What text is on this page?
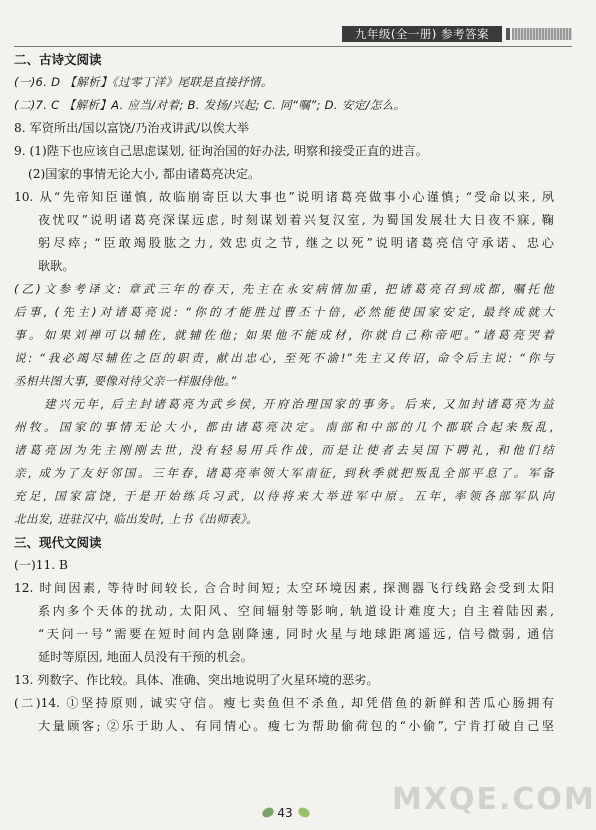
九年级(全一册) 参考答案
二、古诗文阅读
(一)6. D 【解析】《过零丁洋》尾联是直接抒情。
(二)7. C 【解析】A. 应当/对着; B. 发扬/兴起; C. 同“嘱”; D. 安定/怎么。
8. 军资所出/国以富饶/乃治戎讲武/以俟大举
9. (1)陛下也应该自己思虑谋划, 征询治国的好办法, 明察和接受正直的进言。
(2)国家的事情无论大小, 都由诸葛亮决定。
10. 从“先帝知臣谨慎, 故临崩寄臣以大事也”说明诸葛亮做事小心谨慎; “受命以来, 夙
夜忧叹”说明诸葛亮深谋远虑, 时刻谋划着兴复汉室, 为蜀国发展壮大日夜不寐, 鞠
躬尽瘁; “臣敢竭股肱之力, 效忠贞之节, 继之以死”说明诸葛亮信守承诺、忠心
耿耿。
(乙)文参考译文: 章武三年的春天, 先主在永安病情加重, 把诸葛亮召到成都, 嘱托他
后事, (先主)对诸葛亮说: “你的才能胜过曹丕十倍, 必然能使国家安定, 最终成就大
事。如果刘禅可以辅佐, 就辅佐他; 如果他不能成材, 你就自己称帝吧。”诸葛亮哭着
说: “我必竭尽辅佐之臣的职责, 献出忠心, 至死不渝!”先主又传诏, 命令后主说: “你与
丞相共图大事, 要像对待父亲一样服侍他。”
建兴元年, 后主封诸葛亮为武乡侯, 开府治理国家的事务。后来, 又加封诸葛亮为益
州牧。国家的事情无论大小, 都由诸葛亮决定。南部和中部的几个郡联合起来叛乱,
诸葛亮因为先主刚刚去世, 没有轻易用兵作战, 而是让使者去吴国下聘礼, 和他们结
亲, 成为了友好邻国。三年春, 诸葛亮率领大军南征, 到秋季就把叛乱全部平息了。军备
充足, 国家富饶, 于是开始练兵习武, 以待将来大举进军中原。五年, 率领各部军队向
北出发, 进驻汉中, 临出发时, 上书《出师表》。
三、现代文阅读
(一)11. B
12. 时间因素, 等待时间较长, 合合时间短; 太空环境因素, 探测器飞行线路会受到太阳
系内多个天体的扰动, 太阳风、空间辐射等影响, 轨道设计难度大; 自主着陆因素,
“天问一号”需要在短时间内急剧降速, 同时火星与地球距离遥远, 信号微弱, 通信
延时等原因, 地面人员没有干预的机会。
13. 列数字、作比较。具体、准确、突出地说明了火星环境的恶劣。
(二)14. ①坚持原则, 诚实守信。瘦七卖鱼但不杀鱼, 却凭借鱼的新鲜和苦瓜心肠拥有
大量顾客; ②乐于助人、有同情心。瘦七为帮助偷荷包的“小偷”, 宁肯打破自己坚
43	MXQE.COM
